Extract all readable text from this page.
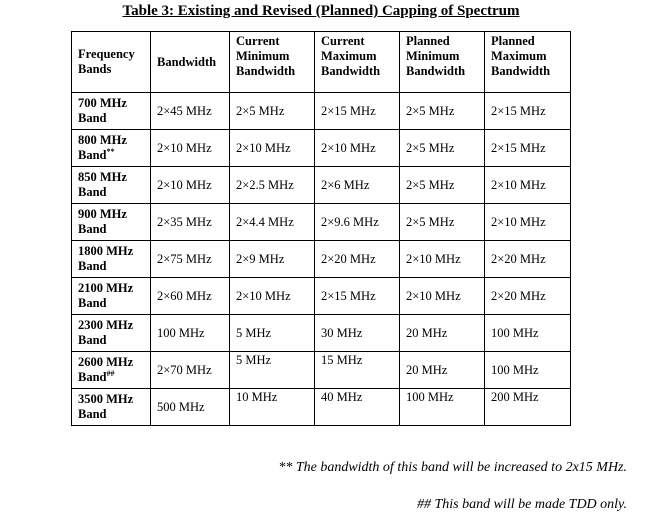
Table 3: Existing and Revised (Planned) Capping of Spectrum
Frequency Bands	Bandwidth	Current Minimum Bandwidth	Current Maximum Bandwidth	Planned Minimum Bandwidth	Planned Maximum Bandwidth
700 MHz Band	2×45 MHz	2×5 MHz	2×15 MHz	2×5 MHz	2×15 MHz
800 MHz Band**	2×10 MHz	2×10 MHz	2×10 MHz	2×5 MHz	2×15 MHz
850 MHz Band	2×10 MHz	2×2.5 MHz	2×6 MHz	2×5 MHz	2×10 MHz
900 MHz Band	2×35 MHz	2×4.4 MHz	2×9.6 MHz	2×5 MHz	2×10 MHz
1800 MHz Band	2×75 MHz	2×9 MHz	2×20 MHz	2×10 MHz	2×20 MHz
2100 MHz Band	2×60 MHz	2×10 MHz	2×15 MHz	2×10 MHz	2×20 MHz
2300 MHz Band	100 MHz	5 MHz	30 MHz	20 MHz	100 MHz
2600 MHz Band##	2×70 MHz	5 MHz	15 MHz	20 MHz	100 MHz
3500 MHz Band	500 MHz	10 MHz	40 MHz	100 MHz	200 MHz
** The bandwidth of this band will be increased to 2x15 MHz.
## This band will be made TDD only.
